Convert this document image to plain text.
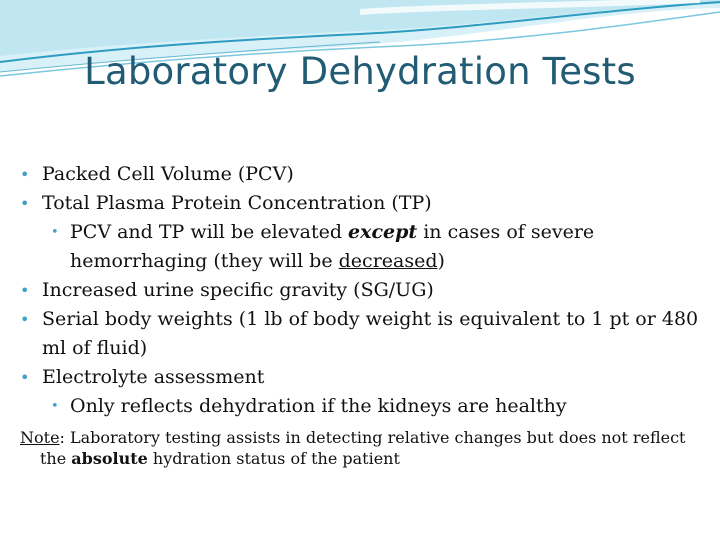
Laboratory Dehydration Tests
• Packed Cell Volume (PCV)
• Total Plasma Protein Concentration (TP)
• PCV and TP will be elevated except in cases of severe hemorrhaging (they will be decreased)
• Increased urine specific gravity (SG/UG)
• Serial body weights (1 lb of body weight is equivalent to 1 pt or 480 ml of fluid)
• Electrolyte assessment
• Only reflects dehydration if the kidneys are healthy
Note: Laboratory testing assists in detecting relative changes but does not reflect the absolute hydration status of the patient
